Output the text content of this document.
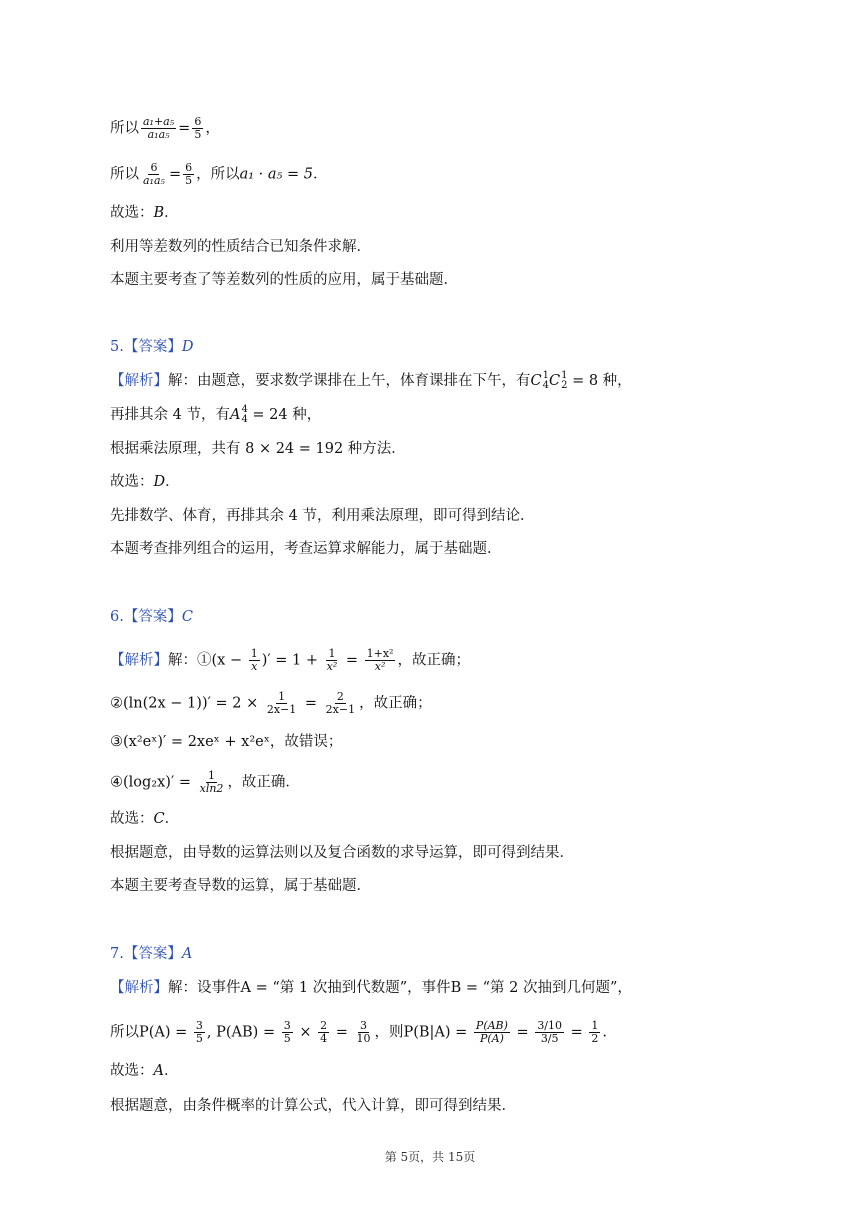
所以 $\frac{\text{a₁+a₅}}{\text{a₁a₅}} = \frac{6}{5}$ ，
所以 $\frac{6}{\text{a₁a₅}} = \frac{6}{5}$ ，所以a₁ · a₅ = 5．
故选：B．
利用等差数列的性质结合已知条件求解．
本题主要考查了等差数列的性质的应用，属于基础题．
5.【答案】D
【解析】解：由题意，要求数学课排在上午，体育课排在下午，有C 1
4 C 1
2 = 8 种，
再排其余 4 节，有A 4
4 = 24 种，
根据乘法原理，共有 8 × 24 = 192 种方法．
故选：D．
先排数学、体育，再排其余 4 节，利用乘法原理，即可得到结论．
本题考查排列组合的运用，考查运算求解能力，属于基础题．
6.【答案】C
【解析】解：①(x − $\frac{1}{x}$ )′ = $1 + \frac{1}{\text{x²}} = \frac{\text{1+x²}}{\text{x²}}$ ，故正确；
②(ln(2x − $1))' = 2 \times \frac{1}{2x-1} = \frac{2}{2x-1}$ ，故正确；
③(x²eˣ)′ = 2xeˣ + x²eˣ，故错误；
④(log₂x)′ = $\frac{1}{xln2}$ ，故正确．
故选：C．
根据题意，由导数的运算法则以及复合函数的求导运算，即可得到结果．
本题主要考查导数的运算，属于基础题．
7.【答案】A
【解析】解：设事件A = “第 1 次抽到代数题”，事件B = “第 2 次抽到几何题”，
所以$P(A) = \frac{3}{5}$ , $P(AB) = \frac{3}{5} \times \frac{2}{4} = \frac{3}{10}$ ，则$P(B|A) = \frac{P(AB)}{P(A)} = \frac{3/10}{3/5} = \frac{1}{2}$ .
故选：A．
根据题意，由条件概率的计算公式，代入计算，即可得到结果．
第 5页，共 15页
